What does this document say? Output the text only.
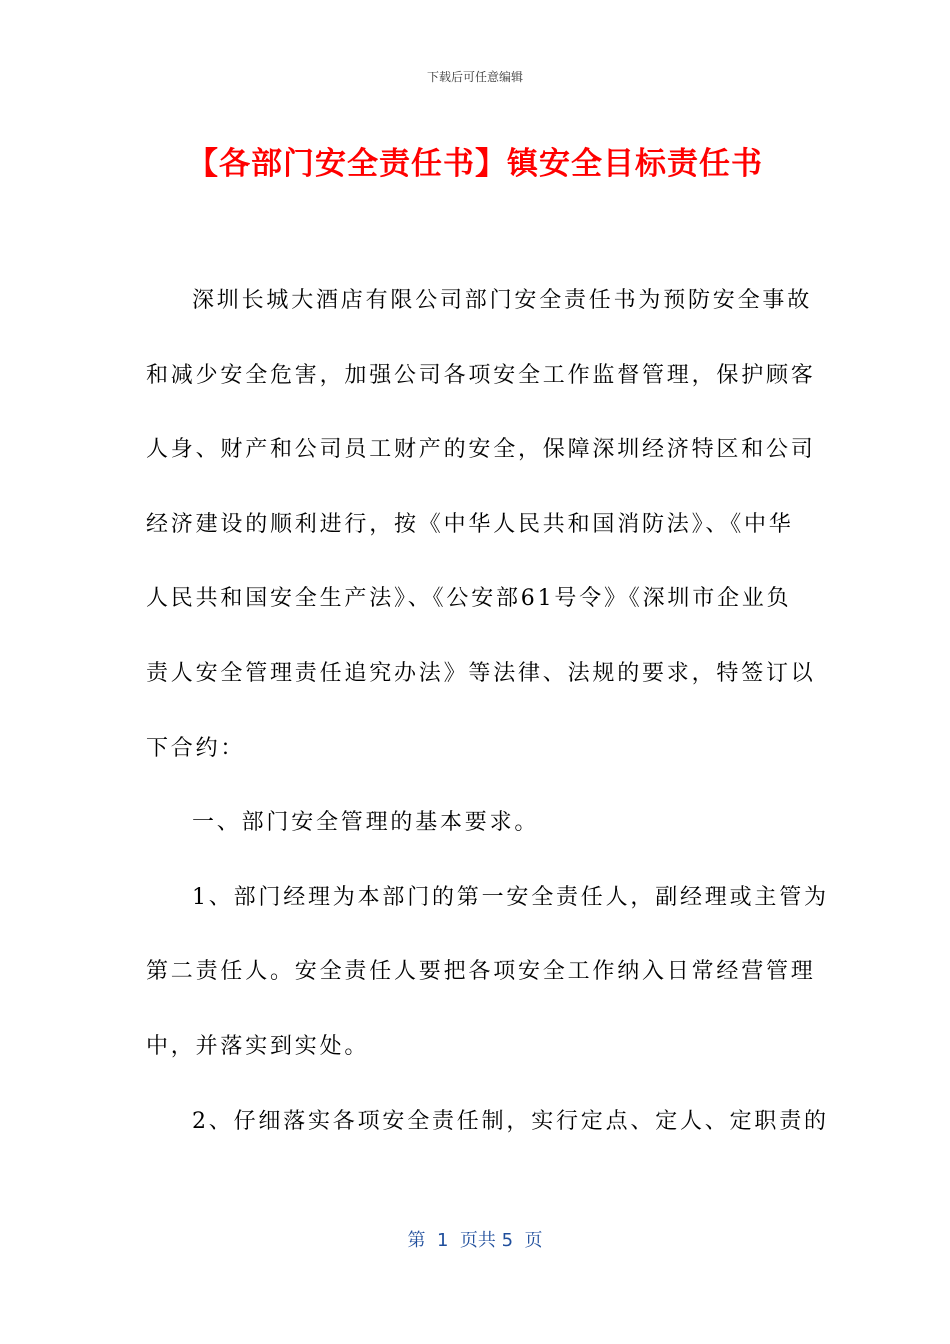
下载后可任意编辑
【各部门安全责任书】镇安全目标责任书
深圳长城大酒店有限公司部门安全责任书为预防安全事故
和减少安全危害，加强公司各项安全工作监督管理，保护顾客
人身、财产和公司员工财产的安全，保障深圳经济特区和公司
经济建设的顺利进行，按《中华人民共和国消防法》、《中华
人民共和国安全生产法》、《公安部61号令》《深圳市企业负
责人安全管理责任追究办法》等法律、法规的要求，特签订以
下合约：
一、部门安全管理的基本要求。
1、部门经理为本部门的第一安全责任人，副经理或主管为
第二责任人。安全责任人要把各项安全工作纳入日常经营管理
中，并落实到实处。
2、仔细落实各项安全责任制，实行定点、定人、定职责的
第  1  页共 5  页
